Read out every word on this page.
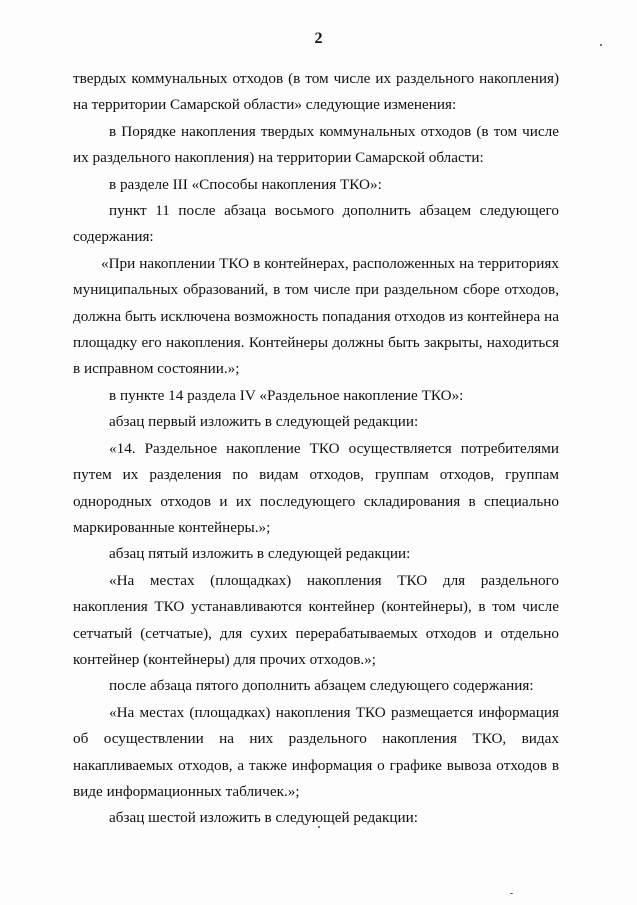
2

твердых коммунальных отходов (в том числе их раздельного накопления) на территории Самарской области» следующие изменения:

в Порядке накопления твердых коммунальных отходов (в том числе их раздельного накопления) на территории Самарской области:

в разделе III «Способы накопления ТКО»:

пункт 11 после абзаца восьмого дополнить абзацем следующего содержания:

«При накоплении ТКО в контейнерах, расположенных на территориях муниципальных образований, в том числе при раздельном сборе отходов, должна быть исключена возможность попадания отходов из контейнера на площадку его накопления. Контейнеры должны быть закрыты, находиться в исправном состоянии.»;

в пункте 14 раздела IV «Раздельное накопление ТКО»:

абзац первый изложить в следующей редакции:

«14. Раздельное накопление ТКО осуществляется потребителями путем их разделения по видам отходов, группам отходов, группам однородных отходов и их последующего складирования в специально маркированные контейнеры.»;

абзац пятый изложить в следующей редакции:

«На местах (площадках) накопления ТКО для раздельного накопления ТКО устанавливаются контейнер (контейнеры), в том числе сетчатый (сетчатые), для сухих перерабатываемых отходов и отдельно контейнер (контейнеры) для прочих отходов.»;

после абзаца пятого дополнить абзацем следующего содержания:

«На местах (площадках) накопления ТКО размещается информация об осуществлении на них раздельного накопления ТКО, видах накапливаемых отходов, а также информация о графике вывоза отходов в виде информационных табличек.»;

абзац шестой изложить в следующей редакции:
